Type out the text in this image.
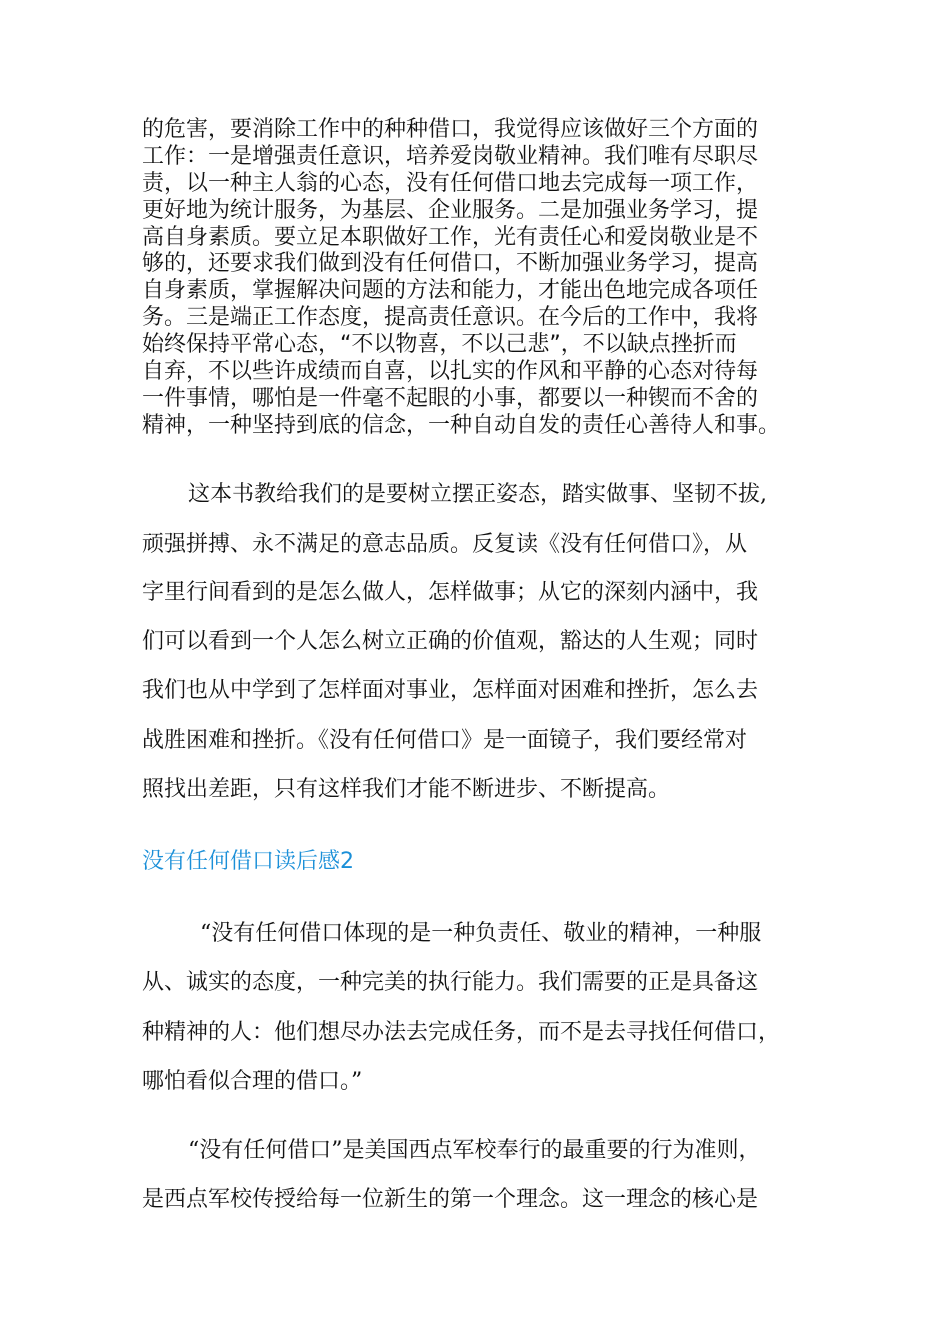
的危害，要消除工作中的种种借口，我觉得应该做好三个方面的
工作：一是增强责任意识，培养爱岗敬业精神。我们唯有尽职尽
责，以一种主人翁的心态，没有任何借口地去完成每一项工作，
更好地为统计服务，为基层、企业服务。二是加强业务学习，提
高自身素质。要立足本职做好工作，光有责任心和爱岗敬业是不
够的，还要求我们做到没有任何借口，不断加强业务学习，提高
自身素质，掌握解决问题的方法和能力，才能出色地完成各项任
务。三是端正工作态度，提高责任意识。在今后的工作中，我将
始终保持平常心态，“不以物喜，不以己悲”，不以缺点挫折而
自弃，不以些许成绩而自喜，以扎实的作风和平静的心态对待每
一件事情，哪怕是一件毫不起眼的小事，都要以一种锲而不舍的
精神，一种坚持到底的信念，一种自动自发的责任心善待人和事。
这本书教给我们的是要树立摆正姿态，踏实做事、坚韧不拔,
顽强拼搏、永不满足的意志品质。反复读《没有任何借口》，从
字里行间看到的是怎么做人，怎样做事；从它的深刻内涵中，我
们可以看到一个人怎么树立正确的价值观，豁达的人生观；同时
我们也从中学到了怎样面对事业，怎样面对困难和挫折，怎么去
战胜困难和挫折。《没有任何借口》是一面镜子，我们要经常对
照找出差距，只有这样我们才能不断进步、不断提高。
没有任何借口读后感2
“没有任何借口体现的是一种负责任、敬业的精神，一种服
从、诚实的态度，一种完美的执行能力。我们需要的正是具备这
种精神的人：他们想尽办法去完成任务，而不是去寻找任何借口，
哪怕看似合理的借口。”
“没有任何借口”是美国西点军校奉行的最重要的行为准则，
是西点军校传授给每一位新生的第一个理念。这一理念的核心是
